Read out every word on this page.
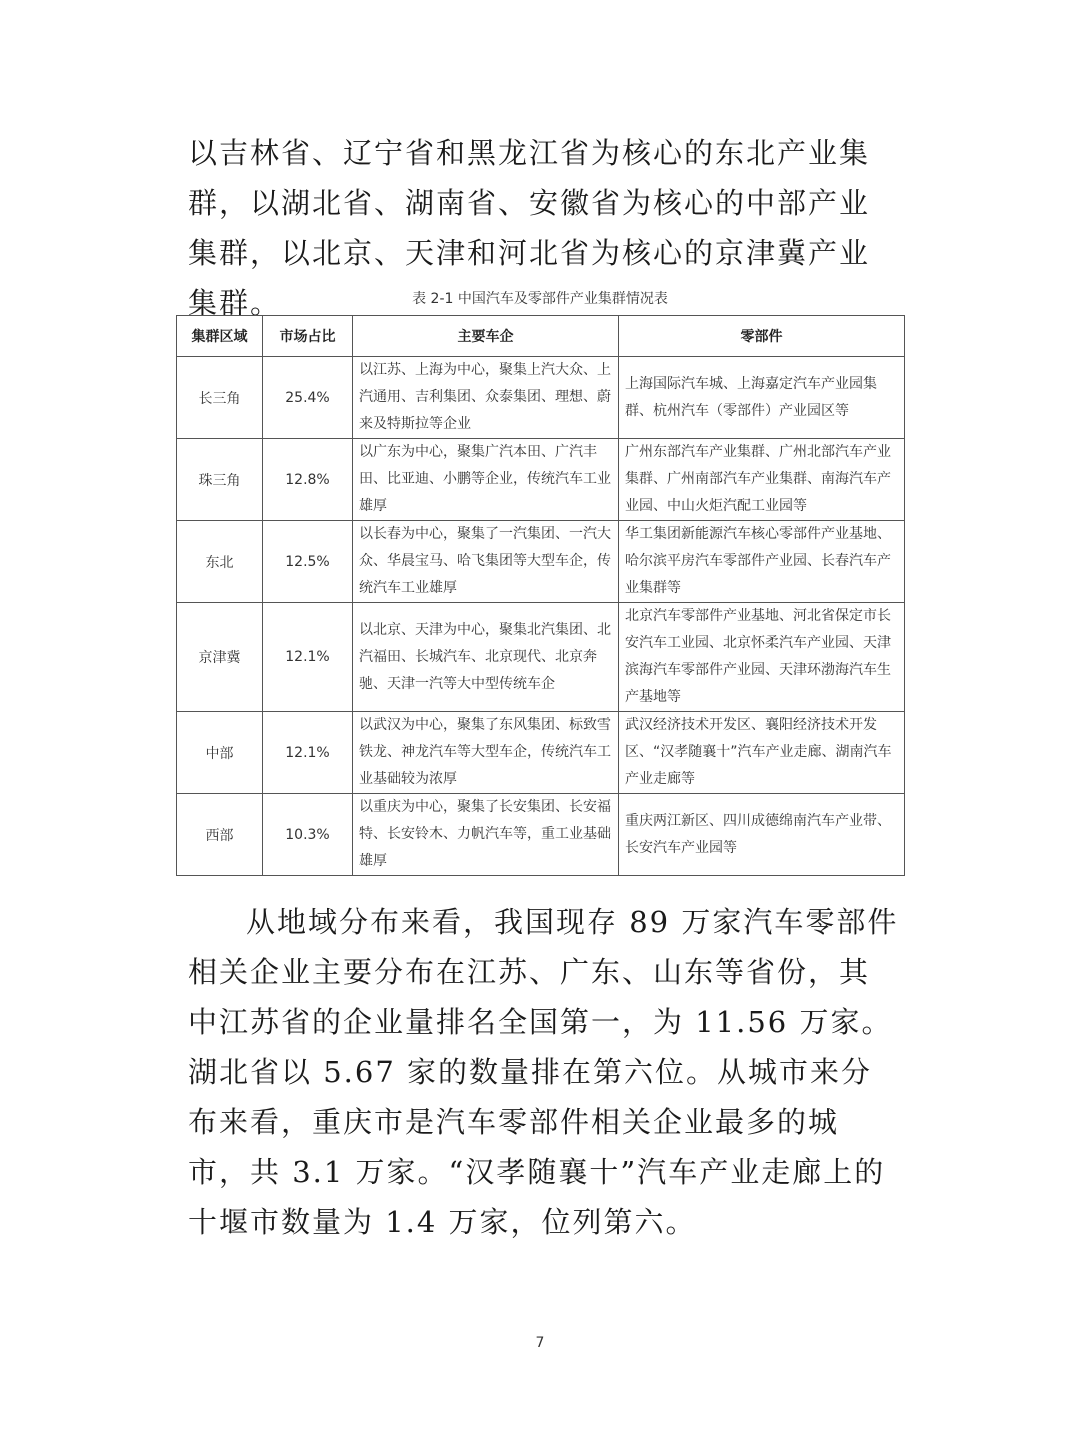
以吉林省、辽宁省和黑龙江省为核心的东北产业集群，以湖北省、湖南省、安徽省为核心的中部产业集群，以北京、天津和河北省为核心的京津冀产业集群。	表 2-1 中国汽车及零部件产业集群情况表

集群区域	市场占比	主要车企	零部件
长三角	25.4%	以江苏、上海为中心，聚集上汽大众、上汽通用、吉利集团、众泰集团、理想、蔚来及特斯拉等企业	上海国际汽车城、上海嘉定汽车产业园集群、杭州汽车（零部件）产业园区等
珠三角	12.8%	以广东为中心，聚集广汽本田、广汽丰田、比亚迪、小鹏等企业，传统汽车工业雄厚	广州东部汽车产业集群、广州北部汽车产业集群、广州南部汽车产业集群、南海汽车产业园、中山火炬汽配工业园等
东北	12.5%	以长春为中心，聚集了一汽集团、一汽大众、华晨宝马、哈飞集团等大型车企，传统汽车工业雄厚	华工集团新能源汽车核心零部件产业基地、哈尔滨平房汽车零部件产业园、长春汽车产业集群等
京津冀	12.1%	以北京、天津为中心，聚集北汽集团、北汽福田、长城汽车、北京现代、北京奔驰、天津一汽等大中型传统车企	北京汽车零部件产业基地、河北省保定市长安汽车工业园、北京怀柔汽车产业园、天津滨海汽车零部件产业园、天津环渤海汽车生产基地等
中部	12.1%	以武汉为中心，聚集了东风集团、标致雪铁龙、神龙汽车等大型车企，传统汽车工业基础较为浓厚	武汉经济技术开发区、襄阳经济技术开发区、“汉孝随襄十”汽车产业走廊、湖南汽车产业走廊等
西部	10.3%	以重庆为中心，聚集了长安集团、长安福特、长安铃木、力帆汽车等，重工业基础雄厚	重庆两江新区、四川成德绵南汽车产业带、长安汽车产业园等

从地域分布来看，我国现存 89 万家汽车零部件相关企业主要分布在江苏、广东、山东等省份，其中江苏省的企业量排名全国第一，为 11.56 万家。湖北省以 5.67 家的数量排在第六位。从城市来分布来看，重庆市是汽车零部件相关企业最多的城市，共 3.1 万家。“汉孝随襄十”汽车产业走廊上的十堰市数量为 1.4 万家，位列第六。

7
